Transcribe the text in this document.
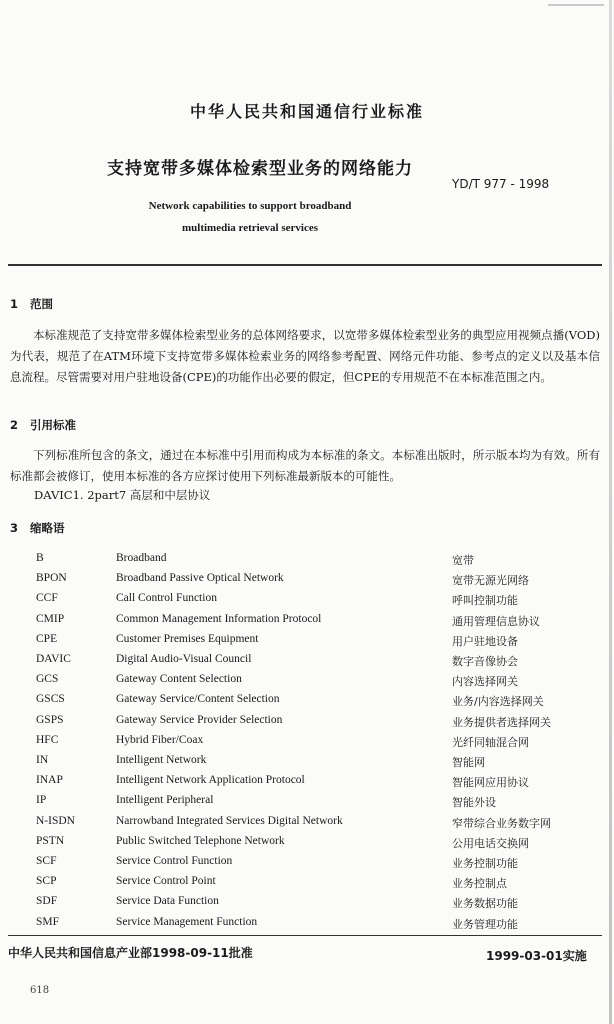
中华人民共和国通信行业标准
支持宽带多媒体检索型业务的网络能力
YD/T 977 - 1998
Network capabilities to support broadband
multimedia retrieval services
1 范围

本标准规范了支持宽带多媒体检索型业务的总体网络要求，以宽带多媒体检索型业务的典型应用视频点播(VOD)为代表，规范了在ATM环境下支持宽带多媒体检索业务的网络参考配置、网络元件功能、参考点的定义以及基本信息流程。尽管需要对用户驻地设备(CPE)的功能作出必要的假定，但CPE的专用规范不在本标准范围之内。

2 引用标准

下列标准所包含的条文，通过在本标准中引用而构成为本标准的条文。本标准出版时，所示版本均为有效。所有标准都会被修订，使用本标准的各方应探讨使用下列标准最新版本的可能性。

DAVIC1. 2part7 高层和中层协议
3 缩略语
B	Broadband	宽带
BPON	Broadband Passive Optical Network	宽带无源光网络
CCF	Call Control Function	呼叫控制功能
CMIP	Common Management Information Protocol	通用管理信息协议
CPE	Customer Premises Equipment	用户驻地设备
DAVIC	Digital Audio-Visual Council	数字音像协会
GCS	Gateway Content Selection	内容选择网关
GSCS	Gateway Service/Content Selection	业务/内容选择网关
GSPS	Gateway Service Provider Selection	业务提供者选择网关
HFC	Hybrid Fiber/Coax	光纤同轴混合网
IN	Intelligent Network	智能网
INAP	Intelligent Network Application Protocol	智能网应用协议
IP	Intelligent Peripheral	智能外设
N-ISDN	Narrowband Integrated Services Digital Network	窄带综合业务数字网
PSTN	Public Switched Telephone Network	公用电话交换网
SCF	Service Control Function	业务控制功能
SCP	Service Control Point	业务控制点
SDF	Service Data Function	业务数据功能
SMF	Service Management Function	业务管理功能
中华人民共和国信息产业部1998-09-11批准	1999-03-01实施
618
